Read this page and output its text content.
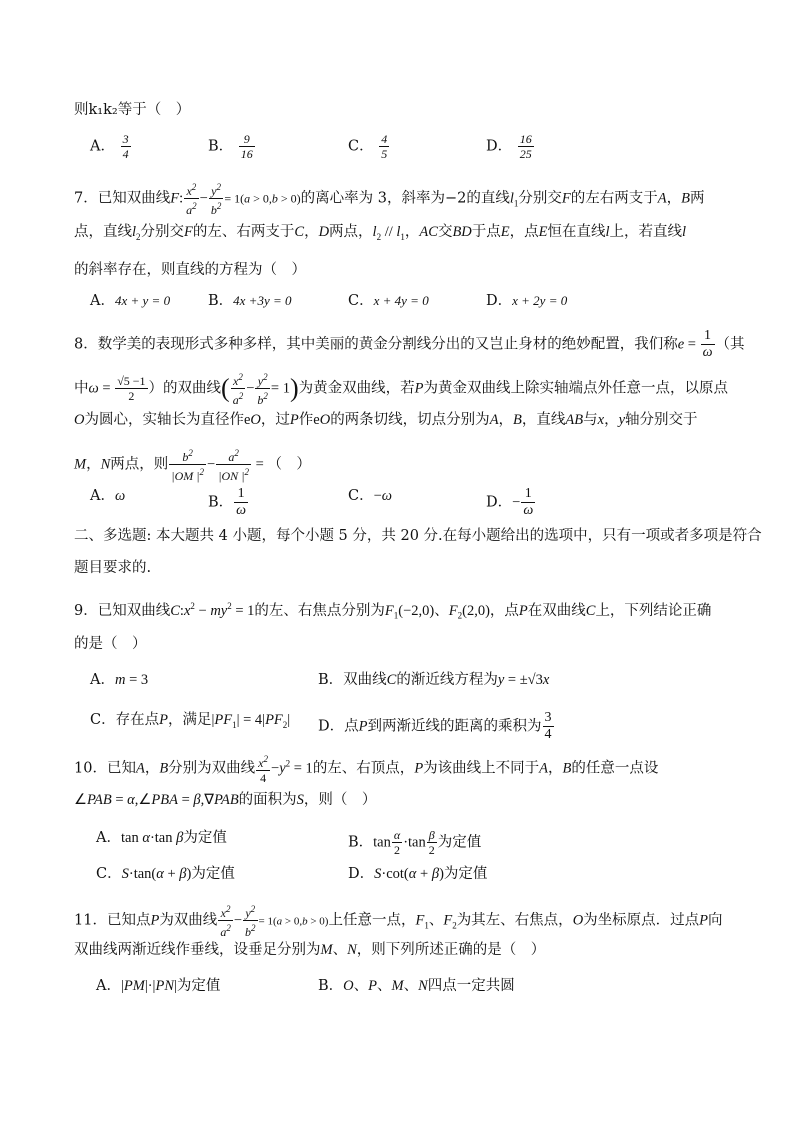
则k₁k₂等于（　）
A． $\frac{3}{4}$	B． $\frac{9}{16}$	C． $\frac{4}{5}$	D． $\frac{16}{25}$
7．已知双曲线F: $\frac{x^2}{a^2} - \frac{y^2}{b^2} = 1(a > 0,b > 0)$的离心率为 3，斜率为−2的直线$l_1$分别交F的左右两支于A，B两
点，直线$l_2$分别交F的左、右两支于C，D两点，$l_2 // l_1$，AC交BD于点E，点E恒在直线l上，若直线l
的斜率存在，则直线的方程为（　）
A．4x + y = 0	B．4x +3y = 0	C．x + 4y = 0	D．x + 2y = 0
8．数学美的表现形式多种多样，其中美丽的黄金分割线分出的又岂止身材的绝妙配置，我们称$e = \frac{1}{\omega}$ （其
中$\omega = \frac{√5 -1}{2}$ ）的双曲线( $\frac{x^2}{a^2} - \frac{y^2}{b^2} = 1$)为黄金双曲线，若P为黄金双曲线上除实轴端点外任意一点，以原点
O为圆心，实轴长为直径作eO，过P作eO的两条切线，切点分别为A，B，直线AB与x，y轴分别交于
M，N两点，则 $\frac{b^2}{|OM |^2} - \frac{a^2}{|ON |^2}$ = （　）
A．ω	B． $\frac{1}{\omega}$	C．−ω	D．− $\frac{1}{\omega}$
二、多选题: 本大题共 4 小题，每个小题 5 分，共 20 分.在每小题给出的选项中，只有一项或者多项是符合
题目要求的.
9．已知双曲线$C:x^2 - my^2 = 1$的左、右焦点分别为$F_1(-2,0)$、$F_2(2,0)$，点P在双曲线C上，下列结论正确
的是（　）
A．m = 3	B．双曲线C的渐近线方程为y = ±√3x
C．存在点P，满足$|PF_1| = 4|PF_2|$ D．点P到两渐近线的距离的乘积为 $\frac{3}{4}$
10．已知A，B分别为双曲线 $\frac{x^2}{4} -y^2 = 1$的左、右顶点，P为该曲线上不同于A，B的任意一点设
∠PAB = α,∠PBA = β,∇PAB的面积为S，则（　）
A．tan α·tan β为定值	B．$\tan \frac{\alpha}{2} \cdot\tan \frac{\beta}{2}$ 为定值
C．S·tan(α + β)为定值	D．S·cot(α + β)为定值
11．已知点P为双曲线 $\frac{x^2}{a^2} - \frac{y^2}{b^2} = 1(a > 0,b > 0)$上任意一点，$F_1$、$F_2$为其左、右焦点，O为坐标原点．过点P向
双曲线两渐近线作垂线，设垂足分别为M、N，则下列所述正确的是（　）
A．|PM|·|PN|为定值	B．O、P、M、N四点一定共圆
